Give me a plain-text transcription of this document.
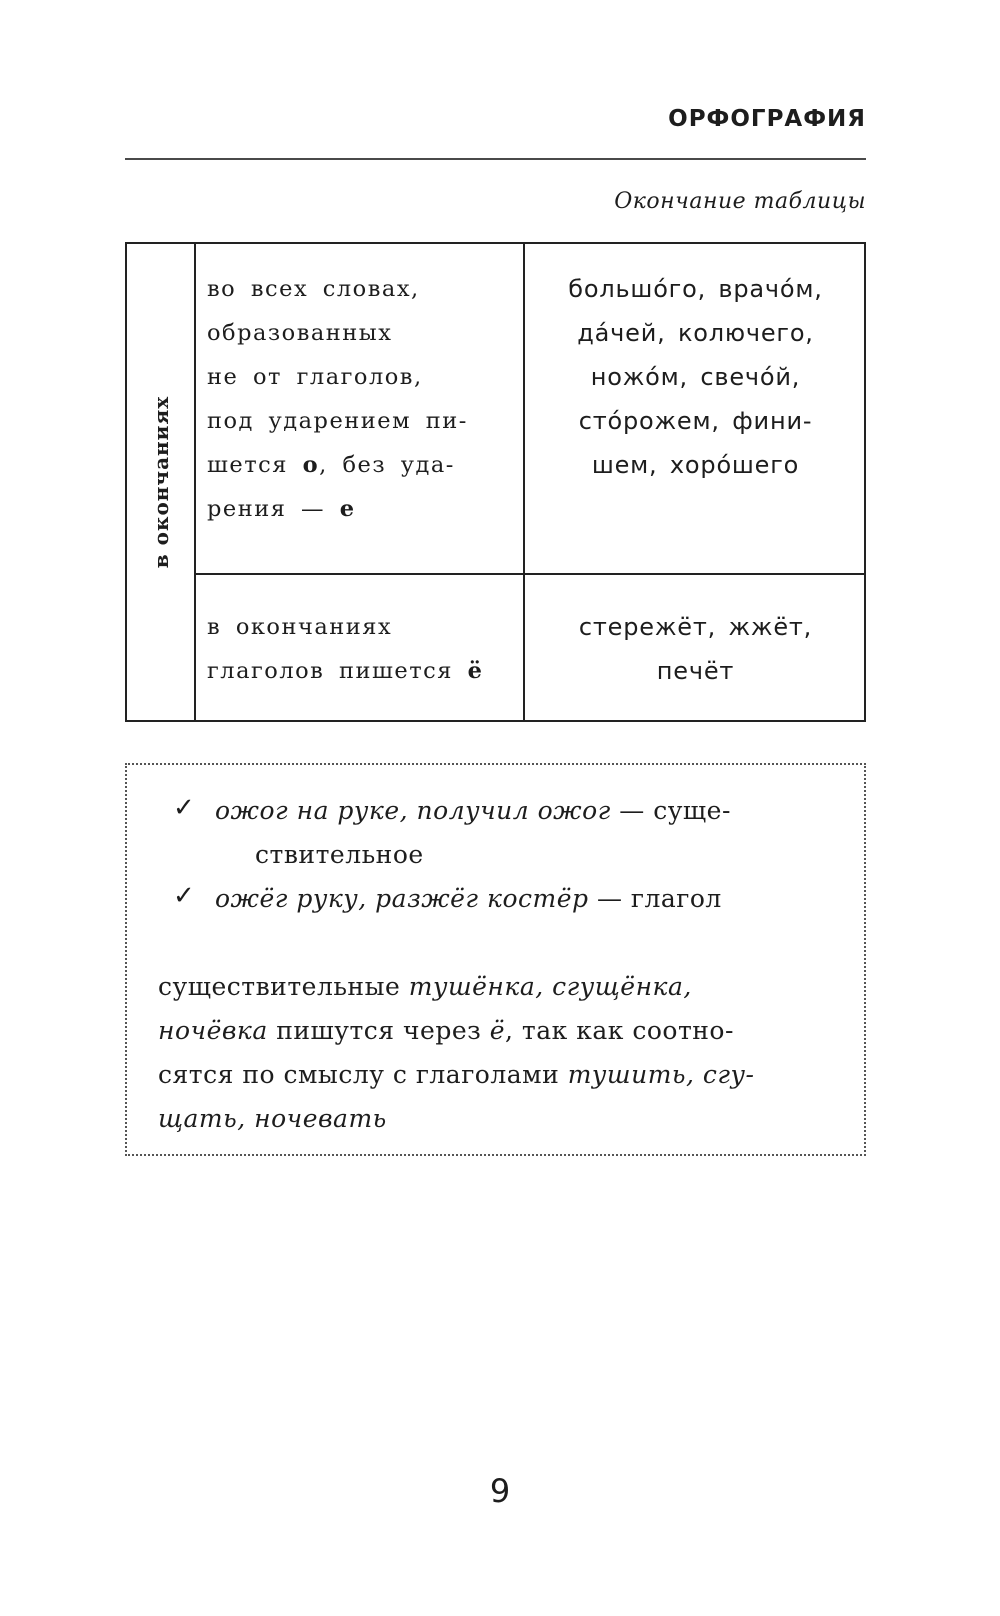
ОРФОГРАФИЯ
Окончание таблицы
в окончаниях
во всех словах,
образованных
не от глаголов,
под ударением пи-
шется о, без уда-
рения — е
большóго, врачóм,
дáчей, колючего,
ножóм, свечóй,
стóрожем, фини-
шем, хорóшего
в окончаниях
глаголов пишется ё
стережёт, жжёт,
печёт
✓ ожог на руке, получил ожог — суще-
ствительное
✓ ожёг руку, разжёг костёр — глагол
существительные тушёнка, сгущёнка,
ночёвка пишутся через ё, так как соотно-
сятся по смыслу с глаголами тушить, сгу-
щать, ночевать
9
